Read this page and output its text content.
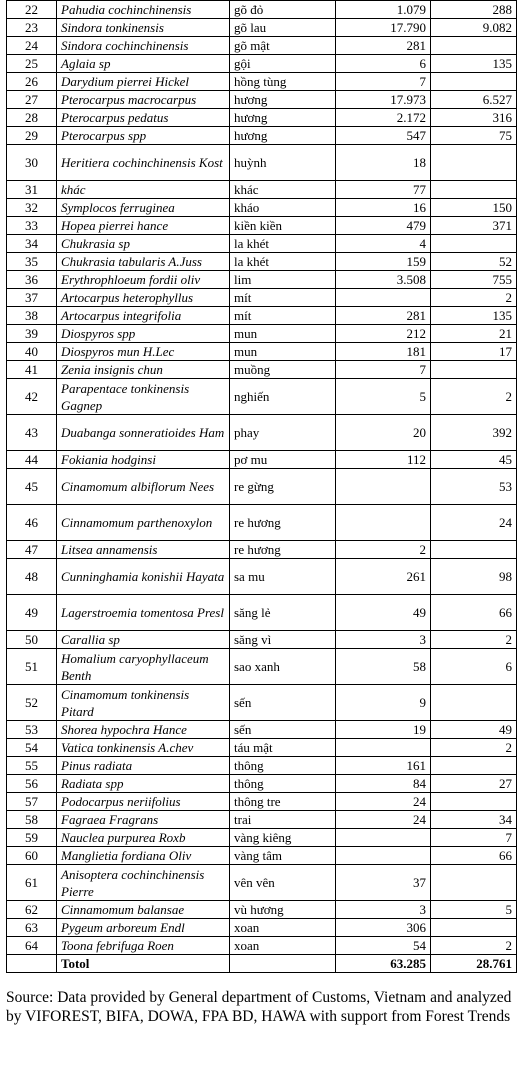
22	Pahudia cochinchinensis	gõ đỏ	1.079	288
23	Sindora tonkinensis	gõ lau	17.790	9.082
24	Sindora cochinchinensis	gõ mật	281	
25	Aglaia sp	gội	6	135
26	Darydium pierrei Hickel	hồng tùng	7	
27	Pterocarpus macrocarpus	hương	17.973	6.527
28	Pterocarpus pedatus	hương	2.172	316
29	Pterocarpus spp	hương	547	75
30	Heritiera cochinchinensis Kost	huỳnh	18	
31	khác	khác	77	
32	Symplocos ferruginea	kháo	16	150
33	Hopea pierrei hance	kiền kiền	479	371
34	Chukrasia sp	la khét	4	
35	Chukrasia tabularis A.Juss	la khét	159	52
36	Erythrophloeum fordii oliv	lim	3.508	755
37	Artocarpus heterophyllus	mít		2
38	Artocarpus integrifolia	mít	281	135
39	Diospyros spp	mun	212	21
40	Diospyros mun H.Lec	mun	181	17
41	Zenia insignis chun	muồng	7	
42	Parapentace tonkinensis Gagnep	nghiến	5	2
43	Duabanga sonneratioides Ham	phay	20	392
44	Fokiania hodginsi	pơ mu	112	45
45	Cinamomum albiflorum Nees	re gừng		53
46	Cinnamomum parthenoxylon	re hương		24
47	Litsea annamensis	re hương	2	
48	Cunninghamia konishii Hayata	sa mu	261	98
49	Lagerstroemia tomentosa Presl	săng lẻ	49	66
50	Carallia sp	săng vì	3	2
51	Homalium caryophyllaceum Benth	sao xanh	58	6
52	Cinamomum tonkinensis Pitard	sến	9	
53	Shorea hypochra Hance	sến	19	49
54	Vatica tonkinensis A.chev	táu mật		2
55	Pinus radiata	thông	161	
56	Radiata spp	thông	84	27
57	Podocarpus neriifolius	thông tre	24	
58	Fagraea Fragrans	trai	24	34
59	Nauclea purpurea Roxb	vàng kiêng		7
60	Manglietia fordiana Oliv	vàng tâm		66
61	Anisoptera cochinchinensis Pierre	vên vên	37	
62	Cinnamomum balansae	vù hương	3	5
63	Pygeum arboreum Endl	xoan	306	
64	Toona febrifuga Roen	xoan	54	2
	Totol		63.285	28.761
Source: Data provided by General department of Customs, Vietnam and analyzed by VIFOREST, BIFA, DOWA, FPA BD, HAWA with support from Forest Trends
